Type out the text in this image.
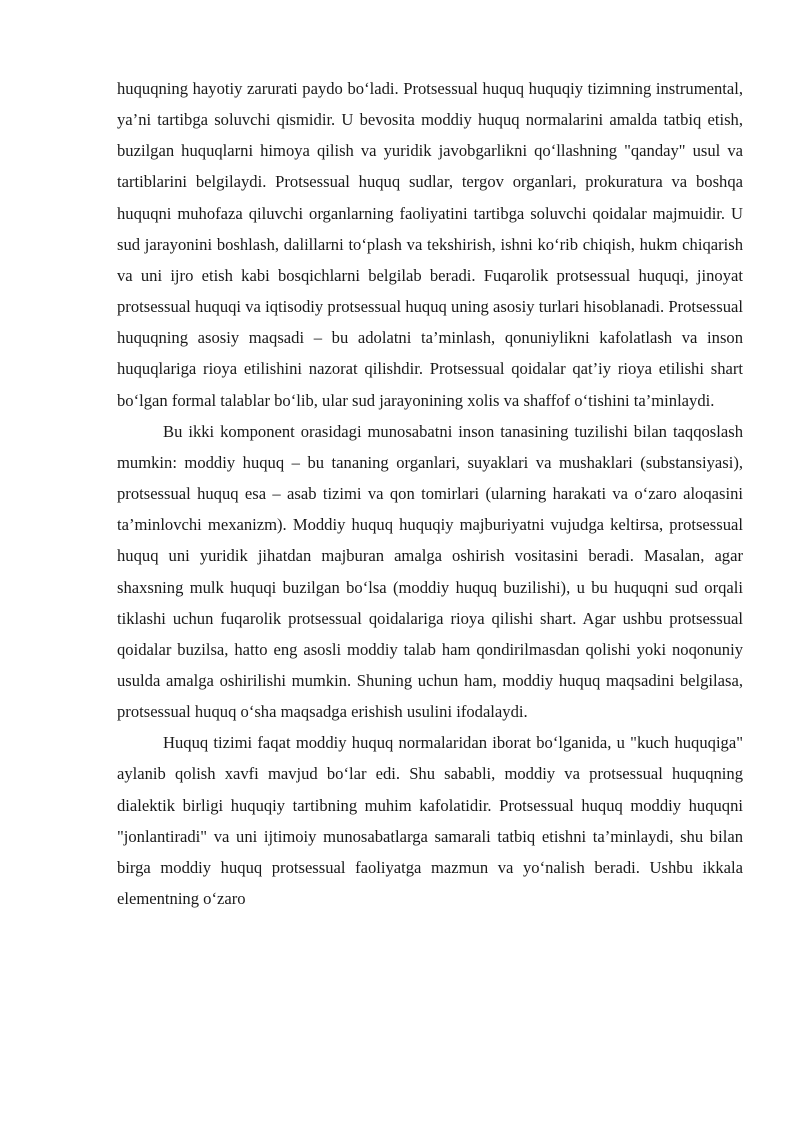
huquqning hayotiy zarurati paydo bo‘ladi. Protsessual huquq huquqiy tizimning instrumental, ya’ni tartibga soluvchi qismidir. U bevosita moddiy huquq normalarini amalda tatbiq etish, buzilgan huquqlarni himoya qilish va yuridik javobgarlikni qo‘llashning "qanday" usul va tartiblarini belgilaydi. Protsessual huquq sudlar, tergov organlari, prokuratura va boshqa huquqni muhofaza qiluvchi organlarning faoliyatini tartibga soluvchi qoidalar majmuidir. U sud jarayonini boshlash, dalillarni to‘plash va tekshirish, ishni ko‘rib chiqish, hukm chiqarish va uni ijro etish kabi bosqichlarni belgilab beradi. Fuqarolik protsessual huquqi, jinoyat protsessual huquqi va iqtisodiy protsessual huquq uning asosiy turlari hisoblanadi. Protsessual huquqning asosiy maqsadi – bu adolatni ta’minlash, qonuniylikni kafolatlash va inson huquqlariga rioya etilishini nazorat qilishdir. Protsessual qoidalar qat’iy rioya etilishi shart bo‘lgan formal talablar bo‘lib, ular sud jarayonining xolis va shaffof o‘tishini ta’minlaydi.

Bu ikki komponent orasidagi munosabatni inson tanasining tuzilishi bilan taqqoslash mumkin: moddiy huquq – bu tananing organlari, suyaklari va mushaklari (substansiyasi), protsessual huquq esa – asab tizimi va qon tomirlari (ularning harakati va o‘zaro aloqasini ta’minlovchi mexanizm). Moddiy huquq huquqiy majburiyatni vujudga keltirsa, protsessual huquq uni yuridik jihatdan majburan amalga oshirish vositasini beradi. Masalan, agar shaxsning mulk huquqi buzilgan bo‘lsa (moddiy huquq buzilishi), u bu huquqni sud orqali tiklashi uchun fuqarolik protsessual qoidalariga rioya qilishi shart. Agar ushbu protsessual qoidalar buzilsa, hatto eng asosli moddiy talab ham qondirilmasdan qolishi yoki noqonuniy usulda amalga oshirilishi mumkin. Shuning uchun ham, moddiy huquq maqsadini belgilasa, protsessual huquq o‘sha maqsadga erishish usulini ifodalaydi.

Huquq tizimi faqat moddiy huquq normalaridan iborat bo‘lganida, u "kuch huquqiga" aylanib qolish xavfi mavjud bo‘lar edi. Shu sababli, moddiy va protsessual huquqning dialektik birligi huquqiy tartibning muhim kafolatidir. Protsessual huquq moddiy huquqni "jonlantiradi" va uni ijtimoiy munosabatlarga samarali tatbiq etishni ta’minlaydi, shu bilan birga moddiy huquq protsessual faoliyatga mazmun va yo‘nalish beradi. Ushbu ikkala elementning o‘zaro
